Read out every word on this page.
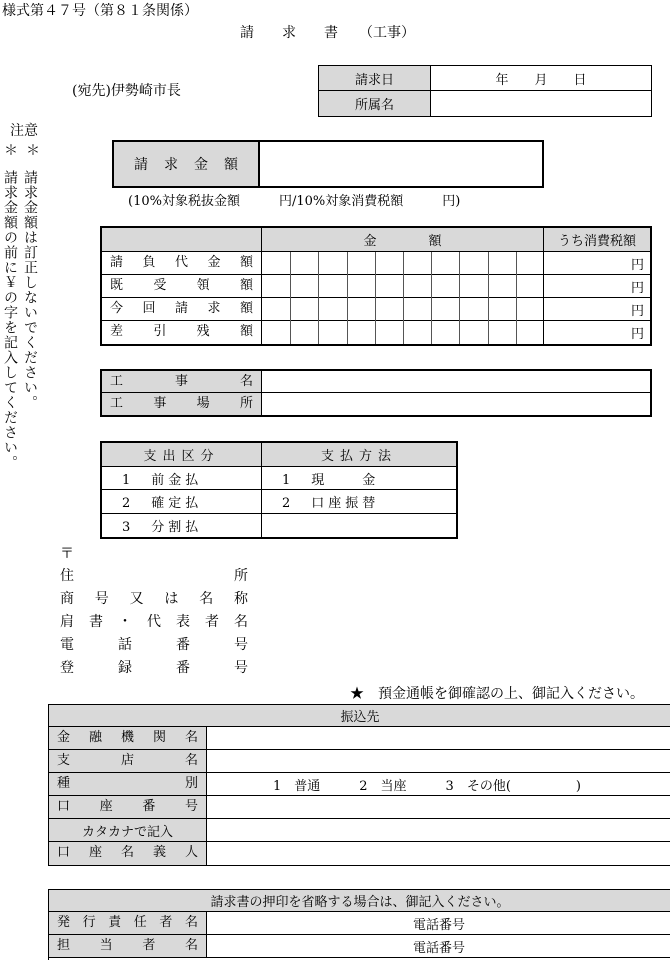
様式第４７号（第８１条関係）
請　　求　　書　　（工事）
(宛先)伊勢崎市長
請求日	年　　月　　日
所属名
注意
＊
＊
請求金額は訂正しないでください。
請求金額の前に￥の字を記入してください。
請求金額
(10%対象税抜金額　　　円/10%対象消費税額　　　円)
金　　　　額	うち消費税額
請負代金額	円
既受領額	円
今回請求額	円
差引残額	円
工事名
工事場所
支出区分	支払方法
1　前金払	1　現　　金
2　確定払	2　口座振替
3　分割払
〒
★　預金通帳を御確認の上、御記入ください。
振込先
金融機関名
支店名
種別	1　普通　　　2　当座　　　3　その他(　　　　　)
口座番号
カタカナで記入
口座名義人
請求書の押印を省略する場合は、御記入ください。
発行責任者名	電話番号
担当者名	電話番号
住所
商号又は名称
肩書・代表者名
電話番号
登録番号
